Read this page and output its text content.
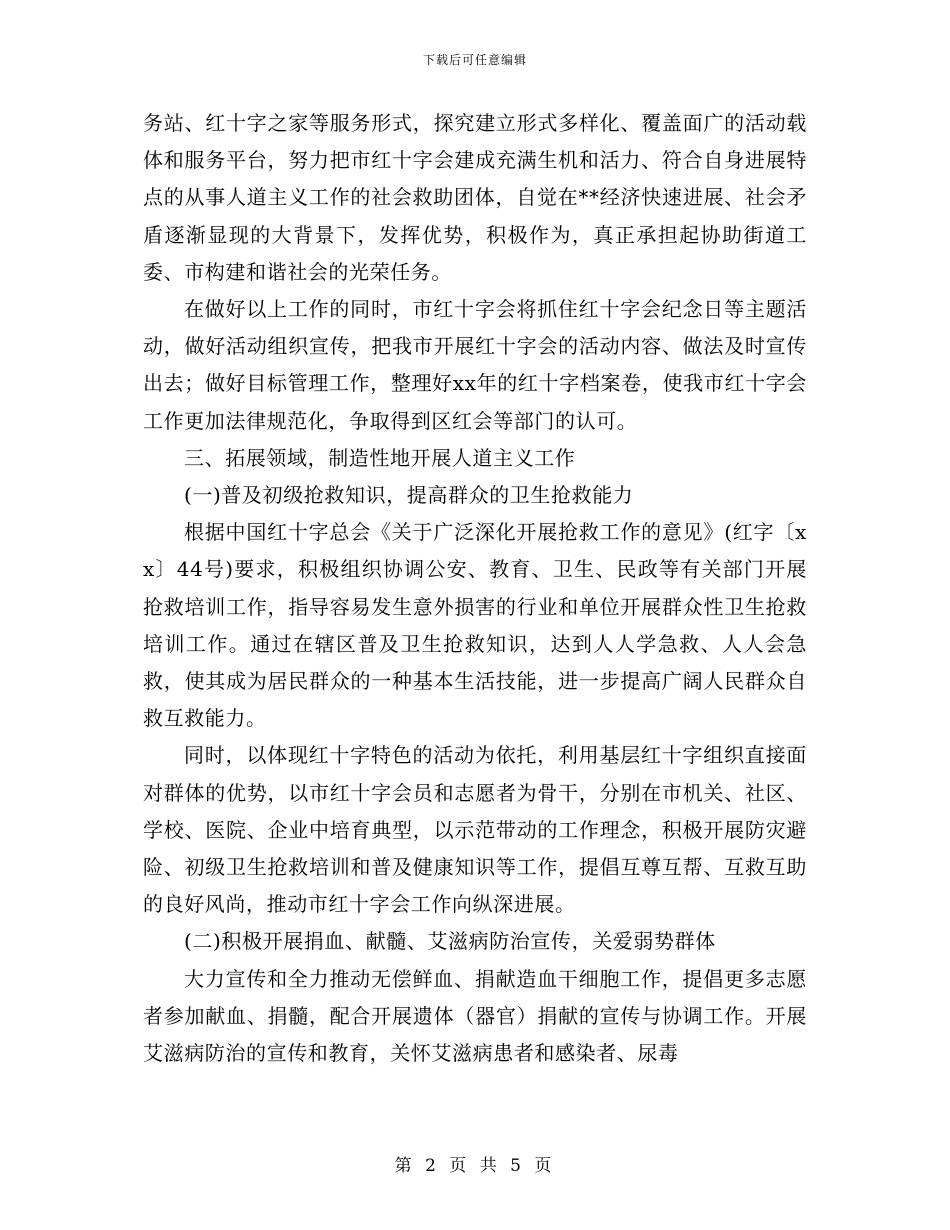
下载后可任意编辑

务站、红十字之家等服务形式，探究建立形式多样化、覆盖面广的活动载体和服务平台，努力把市红十字会建成充满生机和活力、符合自身进展特点的从事人道主义工作的社会救助团体，自觉在**经济快速进展、社会矛盾逐渐显现的大背景下，发挥优势，积极作为，真正承担起协助街道工委、市构建和谐社会的光荣任务。

在做好以上工作的同时，市红十字会将抓住红十字会纪念日等主题活动，做好活动组织宣传，把我市开展红十字会的活动内容、做法及时宣传出去；做好目标管理工作，整理好xx年的红十字档案卷，使我市红十字会工作更加法律规范化，争取得到区红会等部门的认可。

三、拓展领域，制造性地开展人道主义工作

(一)普及初级抢救知识，提高群众的卫生抢救能力

根据中国红十字总会《关于广泛深化开展抢救工作的意见》(红字〔xx〕44号)要求，积极组织协调公安、教育、卫生、民政等有关部门开展抢救培训工作，指导容易发生意外损害的行业和单位开展群众性卫生抢救培训工作。通过在辖区普及卫生抢救知识，达到人人学急救、人人会急救，使其成为居民群众的一种基本生活技能，进一步提高广阔人民群众自救互救能力。

同时，以体现红十字特色的活动为依托，利用基层红十字组织直接面对群体的优势，以市红十字会员和志愿者为骨干，分别在市机关、社区、学校、医院、企业中培育典型，以示范带动的工作理念，积极开展防灾避险、初级卫生抢救培训和普及健康知识等工作，提倡互尊互帮、互救互助的良好风尚，推动市红十字会工作向纵深进展。

(二)积极开展捐血、献髓、艾滋病防治宣传，关爱弱势群体

大力宣传和全力推动无偿鲜血、捐献造血干细胞工作，提倡更多志愿者参加献血、捐髓，配合开展遗体（器官）捐献的宣传与协调工作。开展艾滋病防治的宣传和教育，关怀艾滋病患者和感染者、尿毒

第 2 页 共 5 页
